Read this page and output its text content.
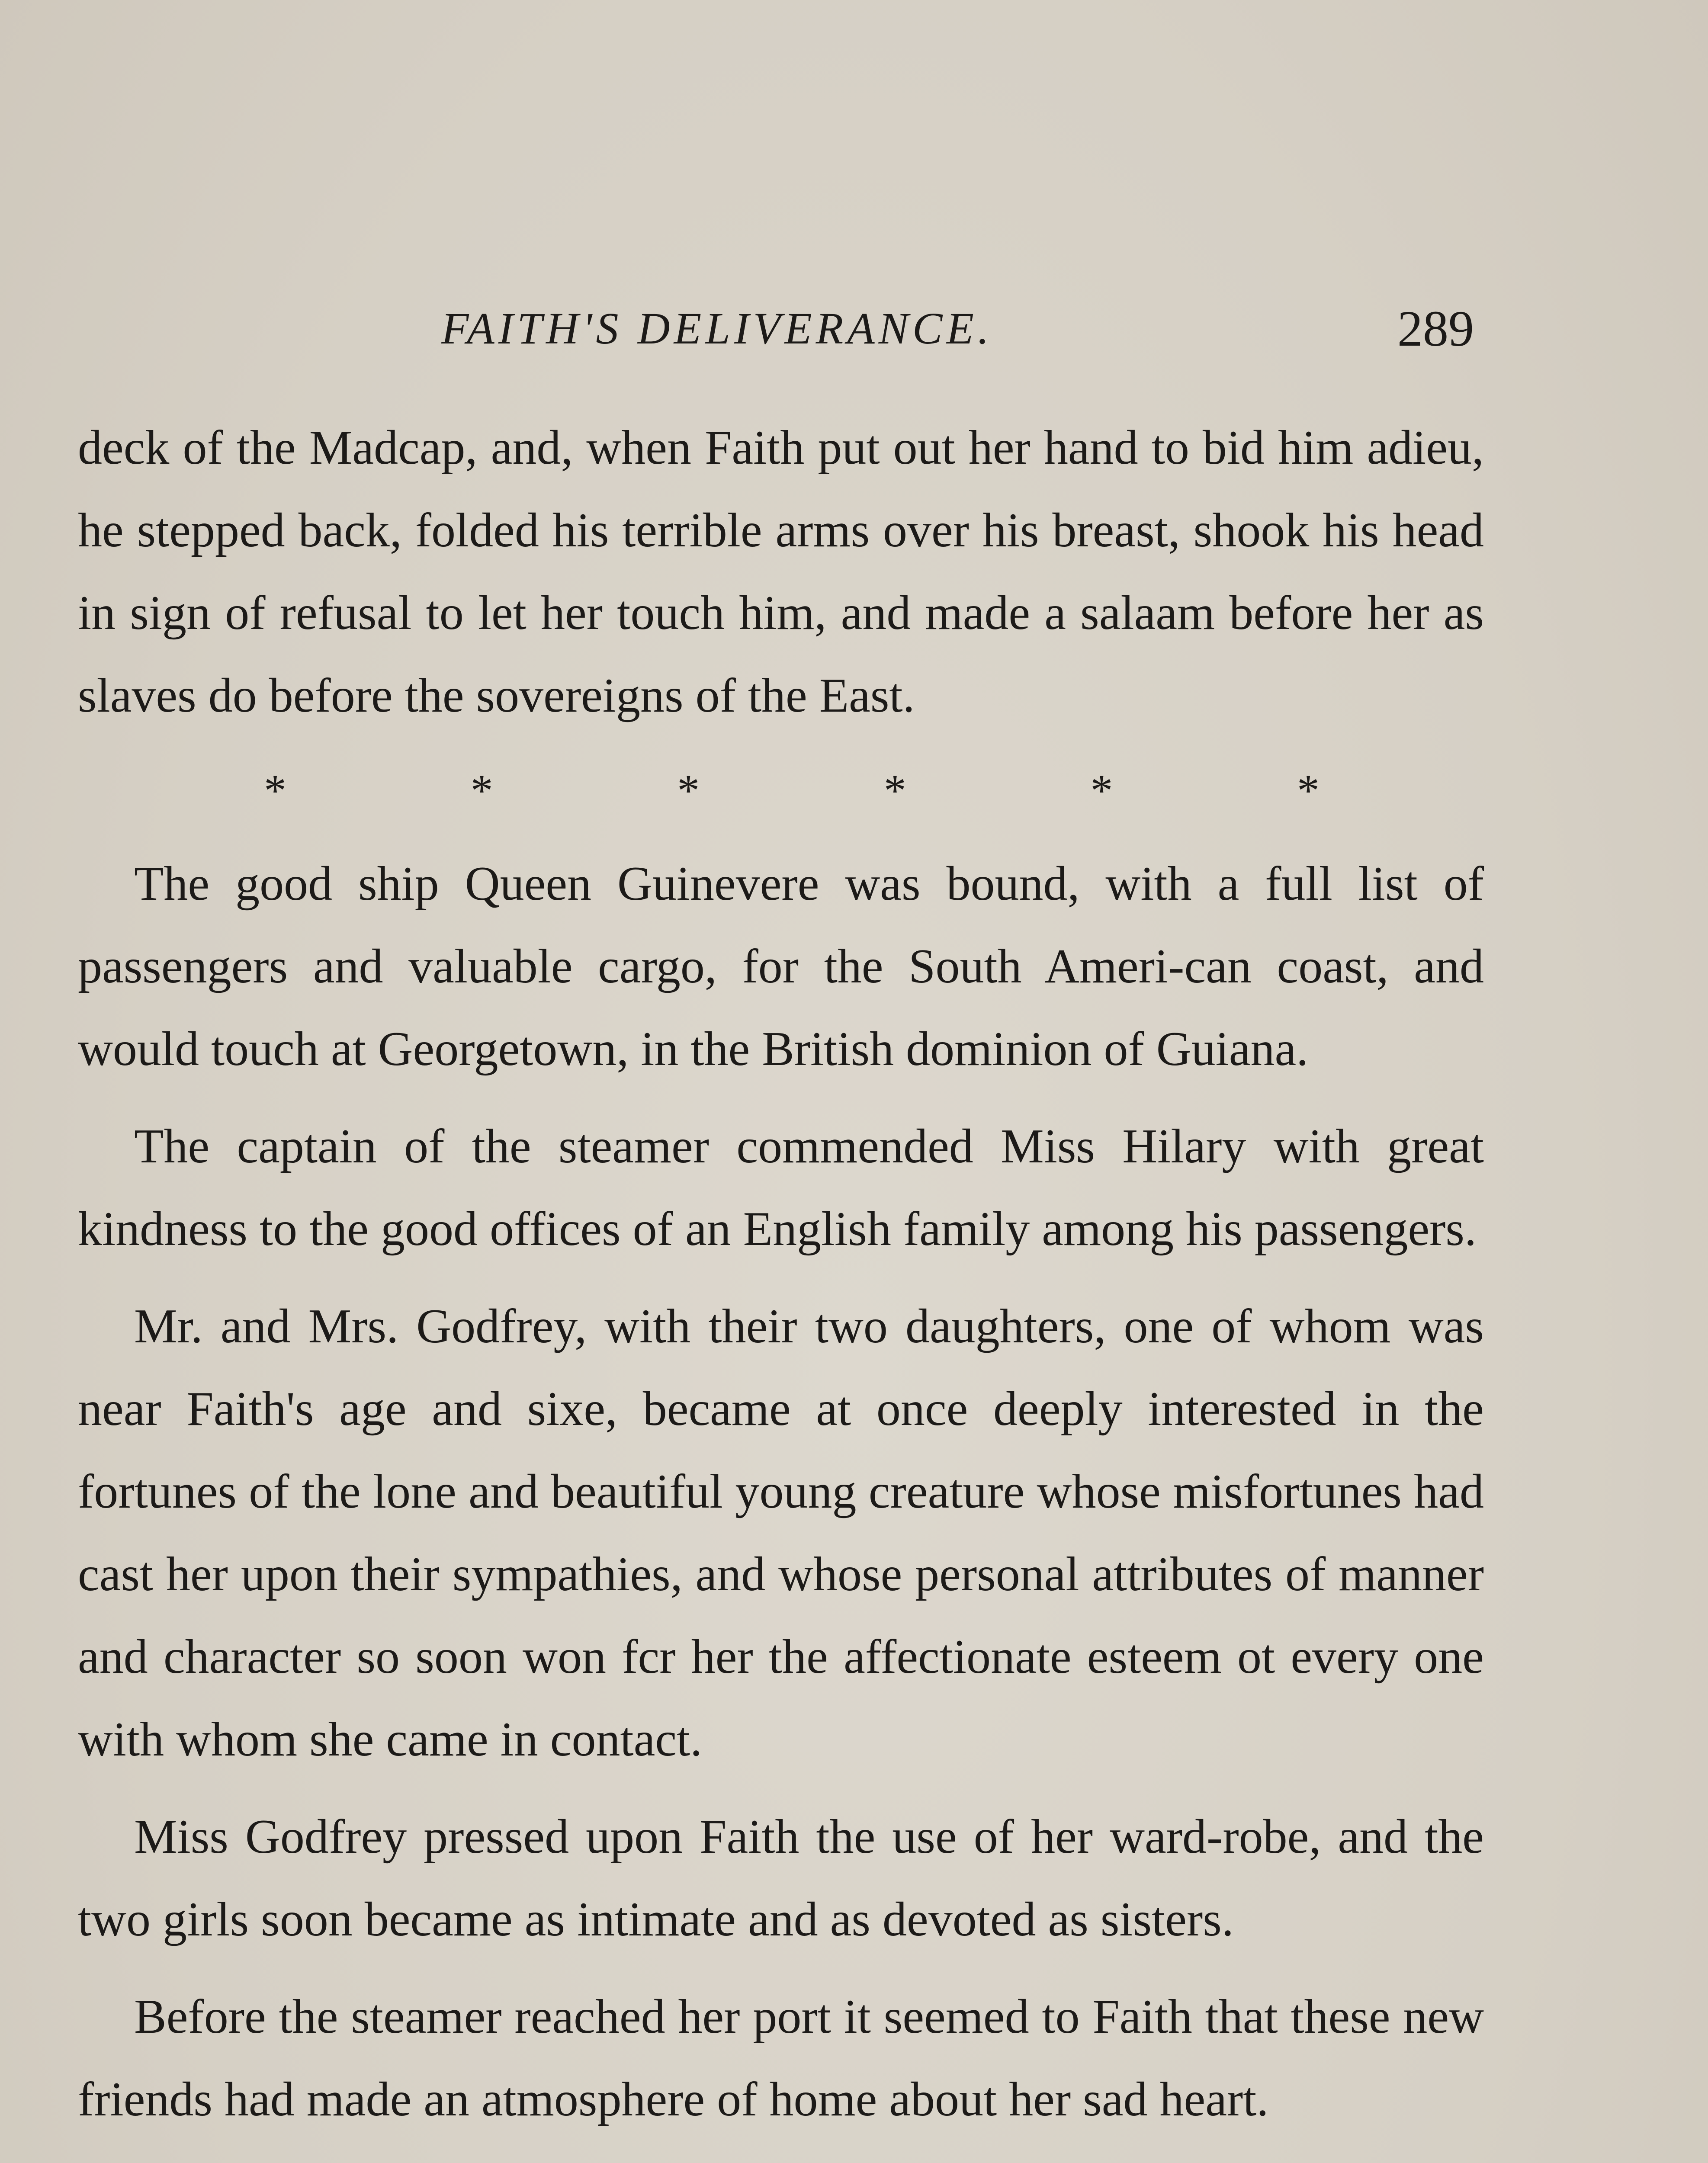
FAITH'S DELIVERANCE.	289

deck of the Madcap, and, when Faith put out her hand to bid him adieu, he stepped back, folded his terrible arms over his breast, shook his head in sign of refusal to let her touch him, and made a salaam before her as slaves do before the sovereigns of the East.

*	*	*	*	*	*

The good ship Queen Guinevere was bound, with a full list of passengers and valuable cargo, for the South Ameri-can coast, and would touch at Georgetown, in the British dominion of Guiana.

The captain of the steamer commended Miss Hilary with great kindness to the good offices of an English family among his passengers.

Mr. and Mrs. Godfrey, with their two daughters, one of whom was near Faith's age and sixe, became at once deeply interested in the fortunes of the lone and beautiful young creature whose misfortunes had cast her upon their sympathies, and whose personal attributes of manner and character so soon won fcr her the affectionate esteem ot every one with whom she came in contact.

Miss Godfrey pressed upon Faith the use of her ward-robe, and the two girls soon became as intimate and as devoted as sisters.

Before the steamer reached her port it seemed to Faith that these new friends had made an atmosphere of home about her sad heart.
